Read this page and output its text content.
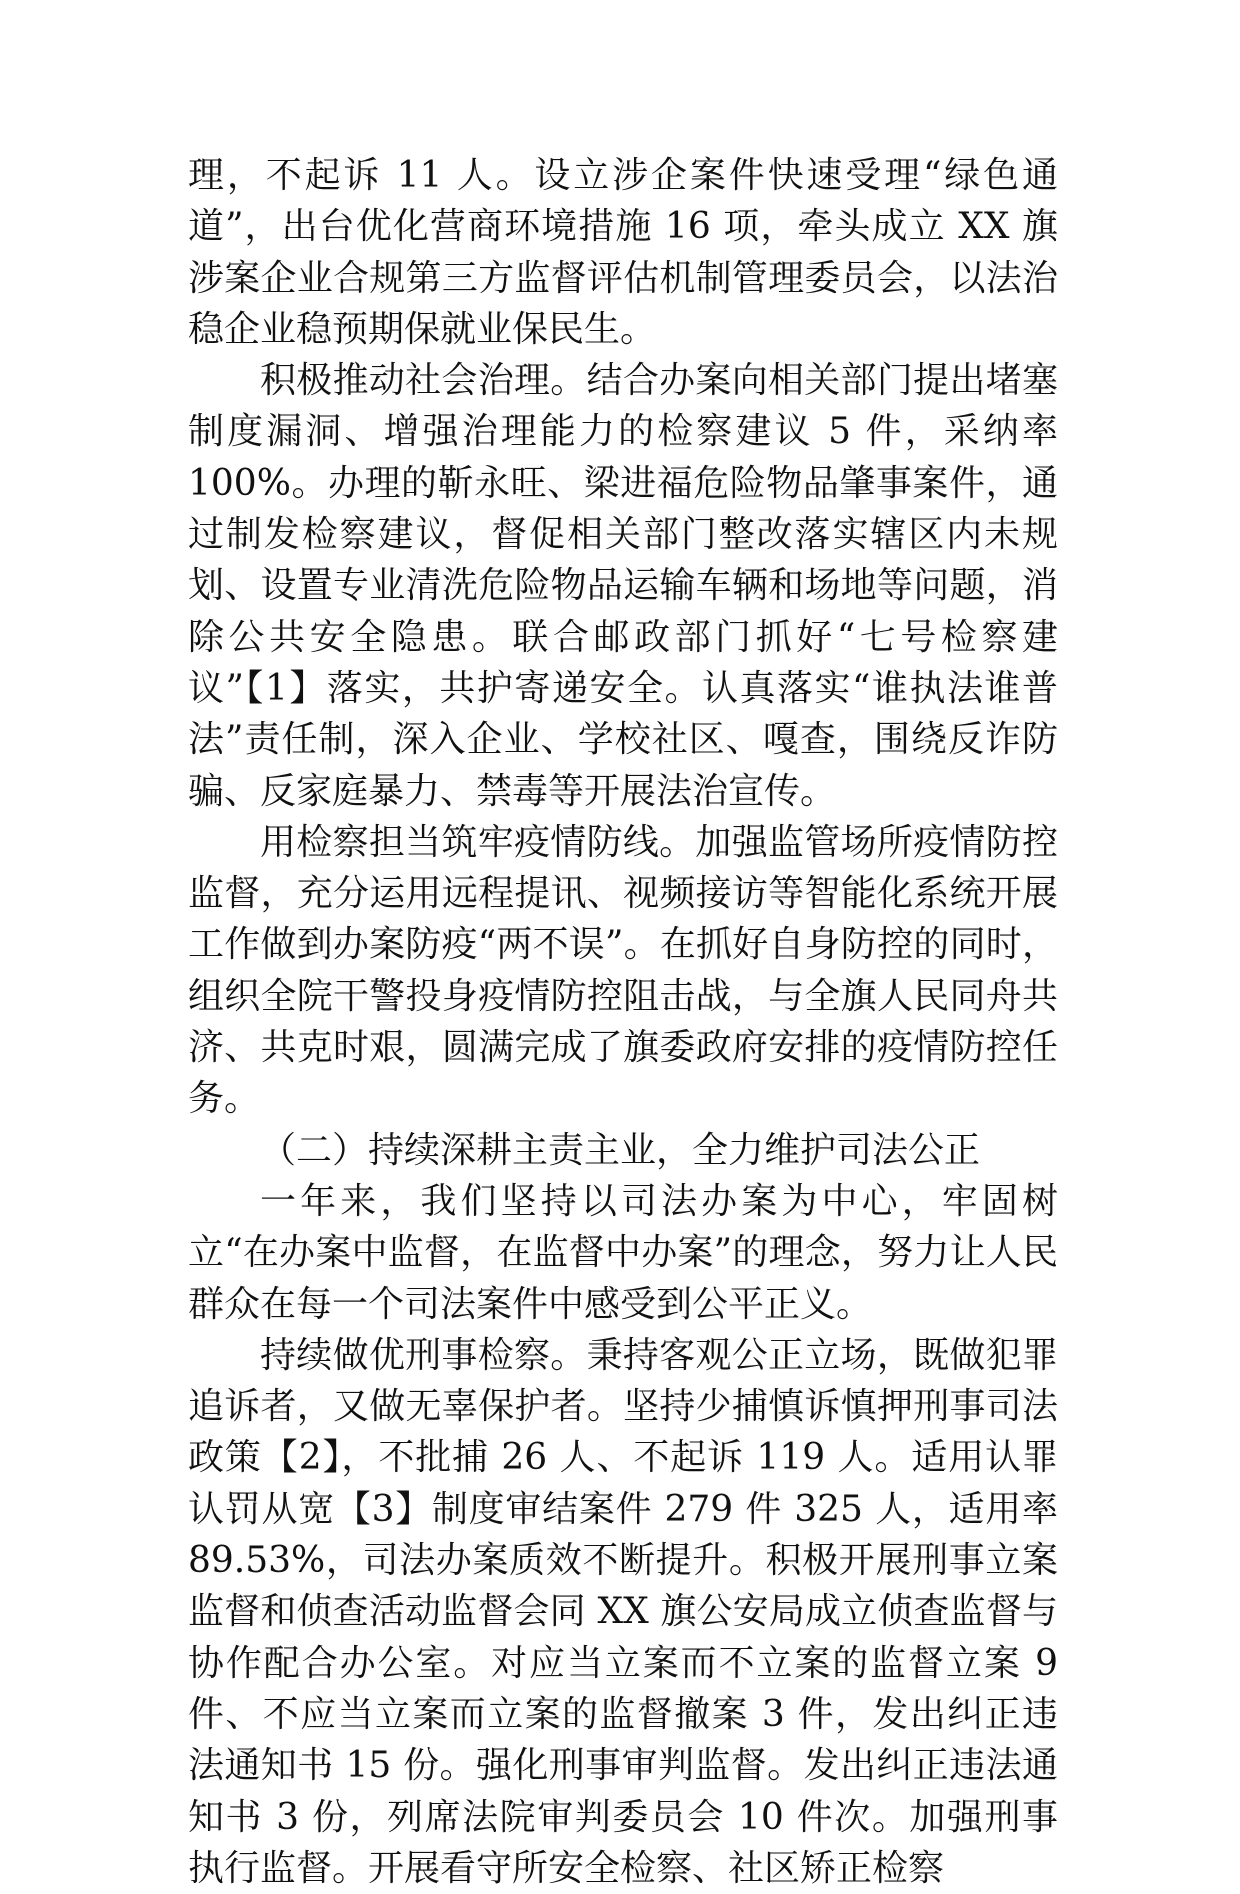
理，不起诉 11 人。设立涉企案件快速受理“绿色通道”，出台优化营商环境措施 16 项，牵头成立 XX 旗涉案企业合规第三方监督评估机制管理委员会，以法治稳企业稳预期保就业保民生。

积极推动社会治理。结合办案向相关部门提出堵塞制度漏洞、增强治理能力的检察建议 5 件，采纳率 100%。办理的靳永旺、梁进福危险物品肇事案件，通过制发检察建议，督促相关部门整改落实辖区内未规划、设置专业清洗危险物品运输车辆和场地等问题，消除公共安全隐患。联合邮政部门抓好“七号检察建议”【1】落实，共护寄递安全。认真落实“谁执法谁普法”责任制，深入企业、学校社区、嘎查，围绕反诈防骗、反家庭暴力、禁毒等开展法治宣传。

用检察担当筑牢疫情防线。加强监管场所疫情防控监督，充分运用远程提讯、视频接访等智能化系统开展工作做到办案防疫“两不误”。在抓好自身防控的同时，组织全院干警投身疫情防控阻击战，与全旗人民同舟共济、共克时艰，圆满完成了旗委政府安排的疫情防控任务。

（二）持续深耕主责主业，全力维护司法公正

一年来，我们坚持以司法办案为中心，牢固树立“在办案中监督，在监督中办案”的理念，努力让人民群众在每一个司法案件中感受到公平正义。

持续做优刑事检察。秉持客观公正立场，既做犯罪追诉者，又做无辜保护者。坚持少捕慎诉慎押刑事司法政策【2】，不批捕 26 人、不起诉 119 人。适用认罪认罚从宽【3】制度审结案件 279 件 325 人，适用率 89.53%，司法办案质效不断提升。积极开展刑事立案监督和侦查活动监督会同 XX 旗公安局成立侦查监督与协作配合办公室。对应当立案而不立案的监督立案 9 件、不应当立案而立案的监督撤案 3 件，发出纠正违法通知书 15 份。强化刑事审判监督。发出纠正违法通知书 3 份，列席法院审判委员会 10 件次。加强刑事执行监督。开展看守所安全检察、社区矫正检察
